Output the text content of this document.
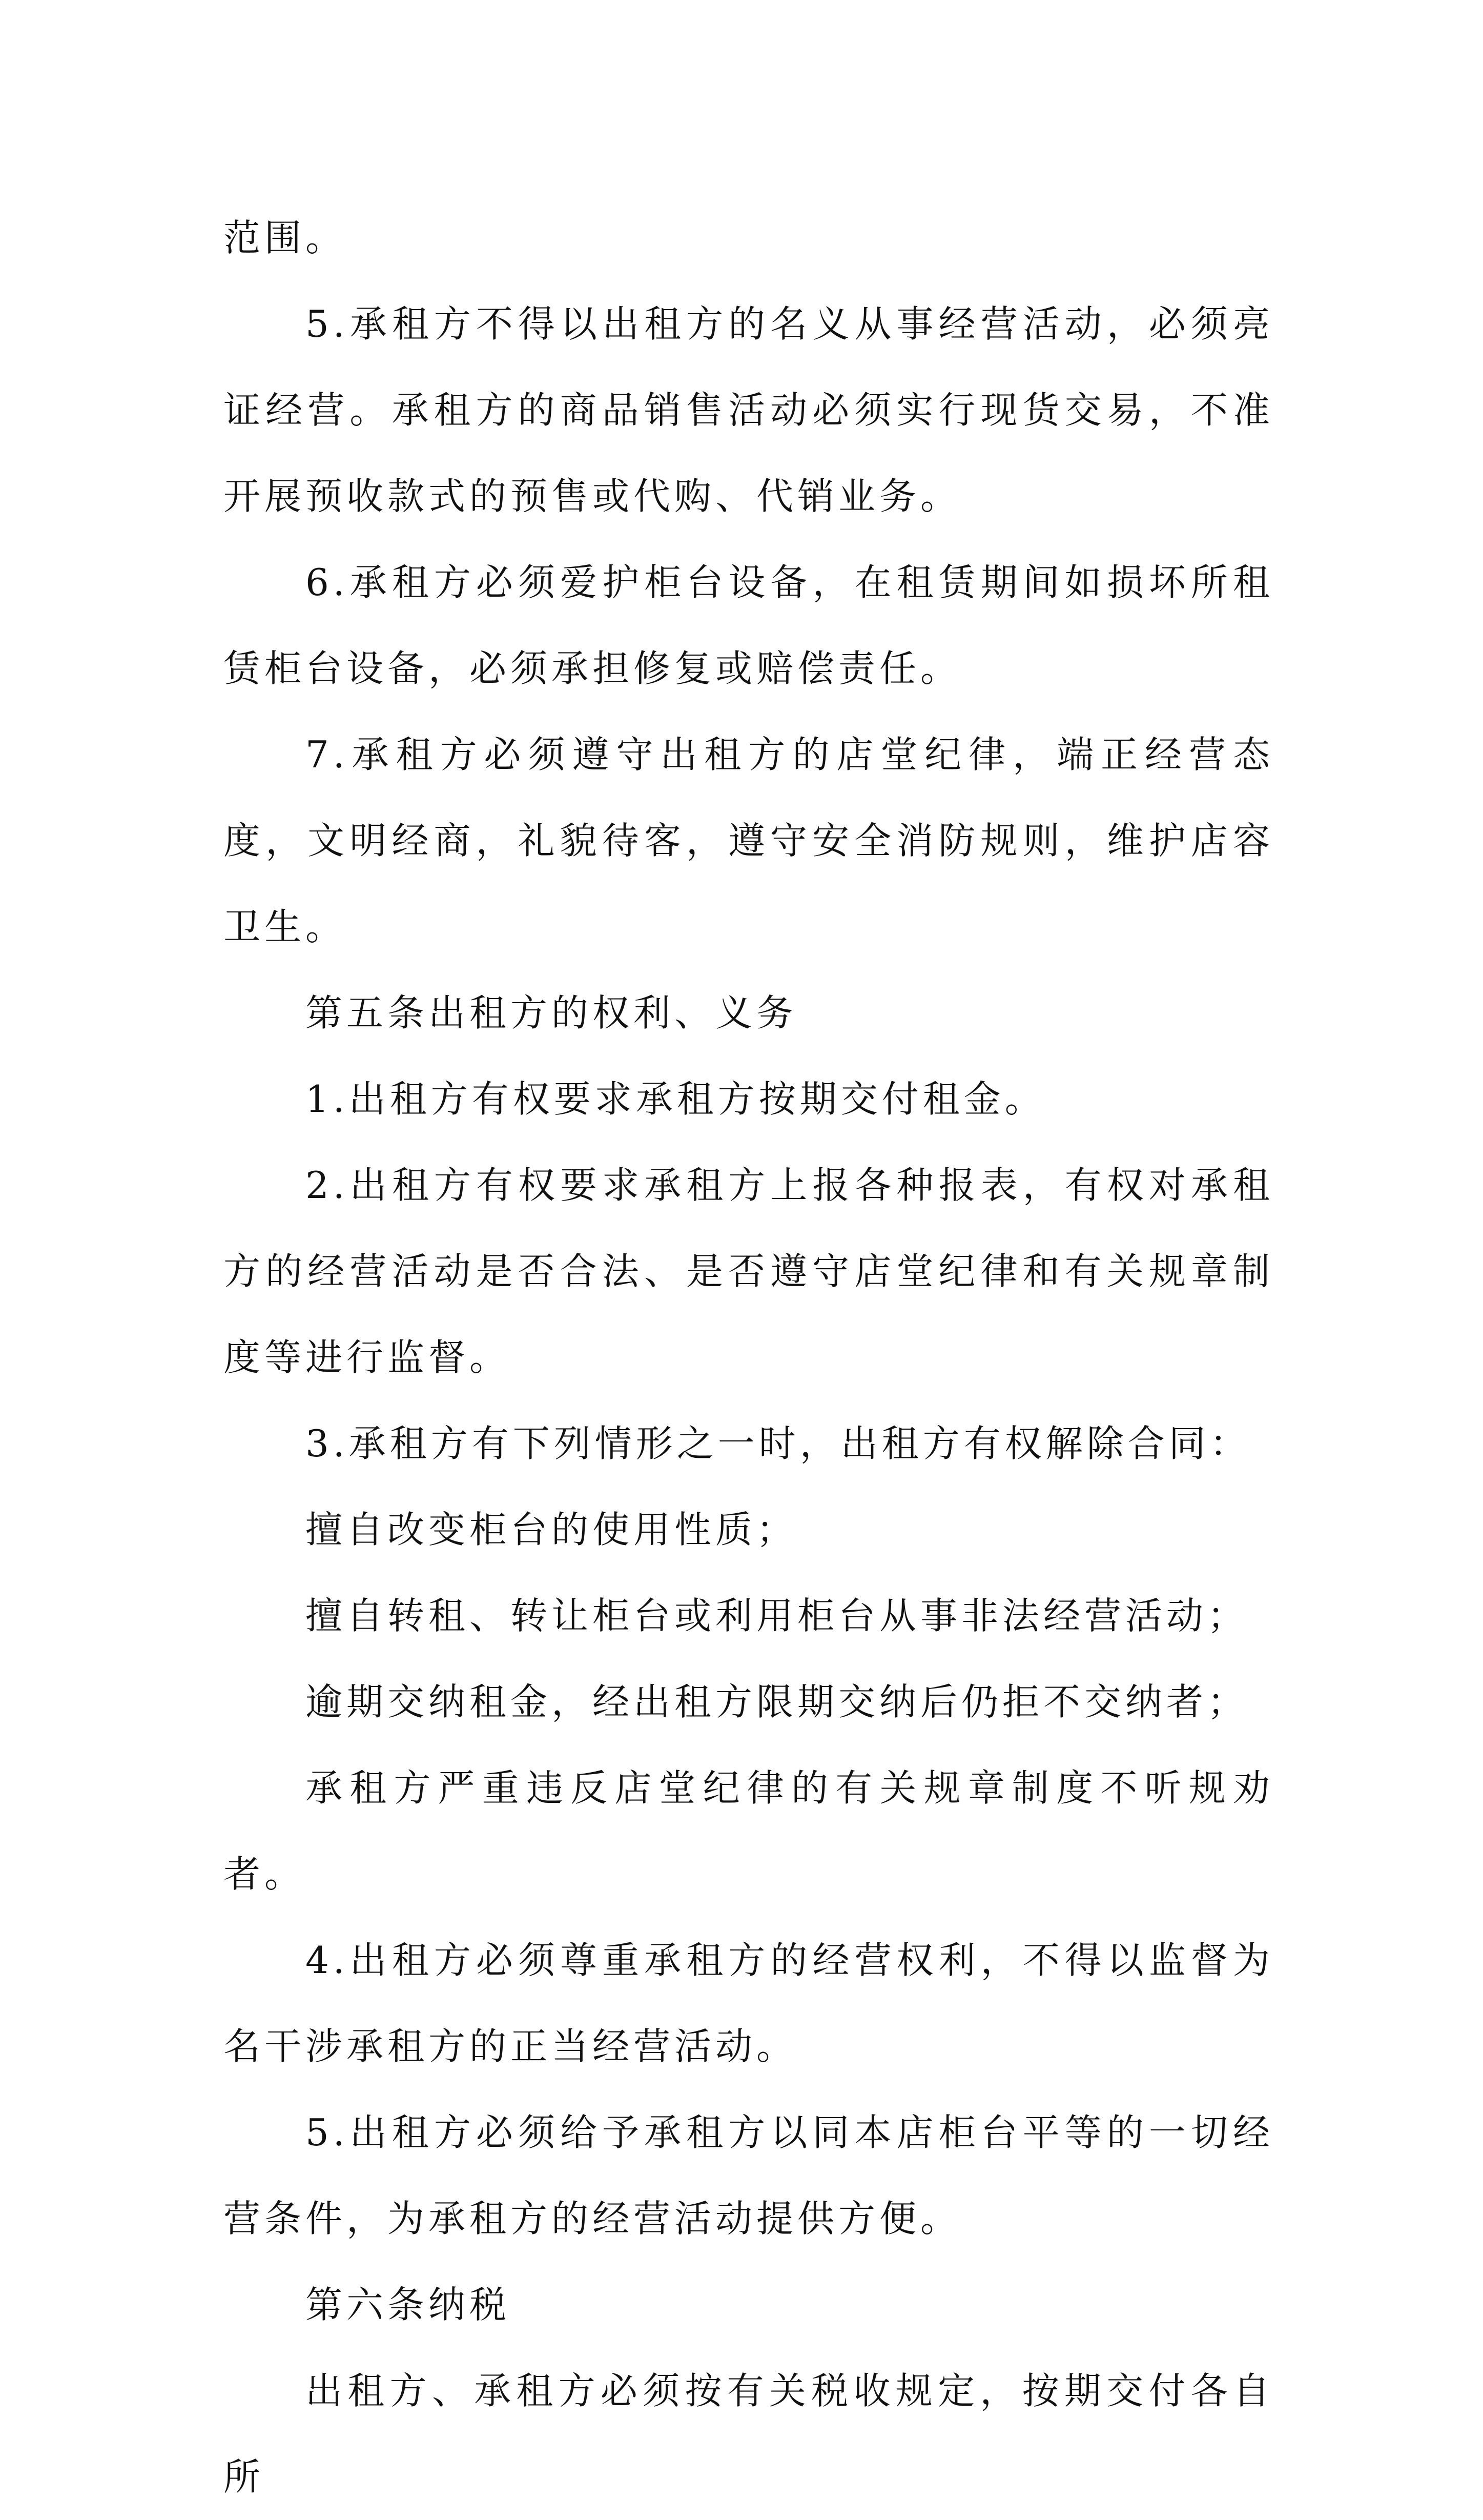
范围。

5.承租方不得以出租方的名义从事经营活动，必须亮证经营。承租方的商品销售活动必须实行现货交易，不准开展预收款式的预售或代购、代销业务。

6.承租方必须爱护柜台设备，在租赁期间如损坏所租赁柜台设备，必须承担修复或赔偿责任。

7.承租方必须遵守出租方的店堂纪律，端正经营态度，文明经商，礼貌待客，遵守安全消防规则，维护店容卫生。

第五条出租方的权利、义务

1.出租方有权要求承租方按期交付租金。

2.出租方有权要求承租方上报各种报表，有权对承租方的经营活动是否合法、是否遵守店堂纪律和有关规章制度等进行监督。

3.承租方有下列情形之一时，出租方有权解除合同：

擅自改变柜台的使用性质；

擅自转租、转让柜台或利用柜台从事非法经营活动；

逾期交纳租金，经出租方限期交纳后仍拒不交纳者；

承租方严重违反店堂纪律的有关规章制度不听规劝者。

4.出租方必须尊重承租方的经营权利，不得以监督为名干涉承租方的正当经营活动。

5.出租方必须给予承租方以同本店柜台平等的一切经营条件，为承租方的经营活动提供方便。

第六条纳税

出租方、承租方必须按有关税收规定，按期交付各自所
